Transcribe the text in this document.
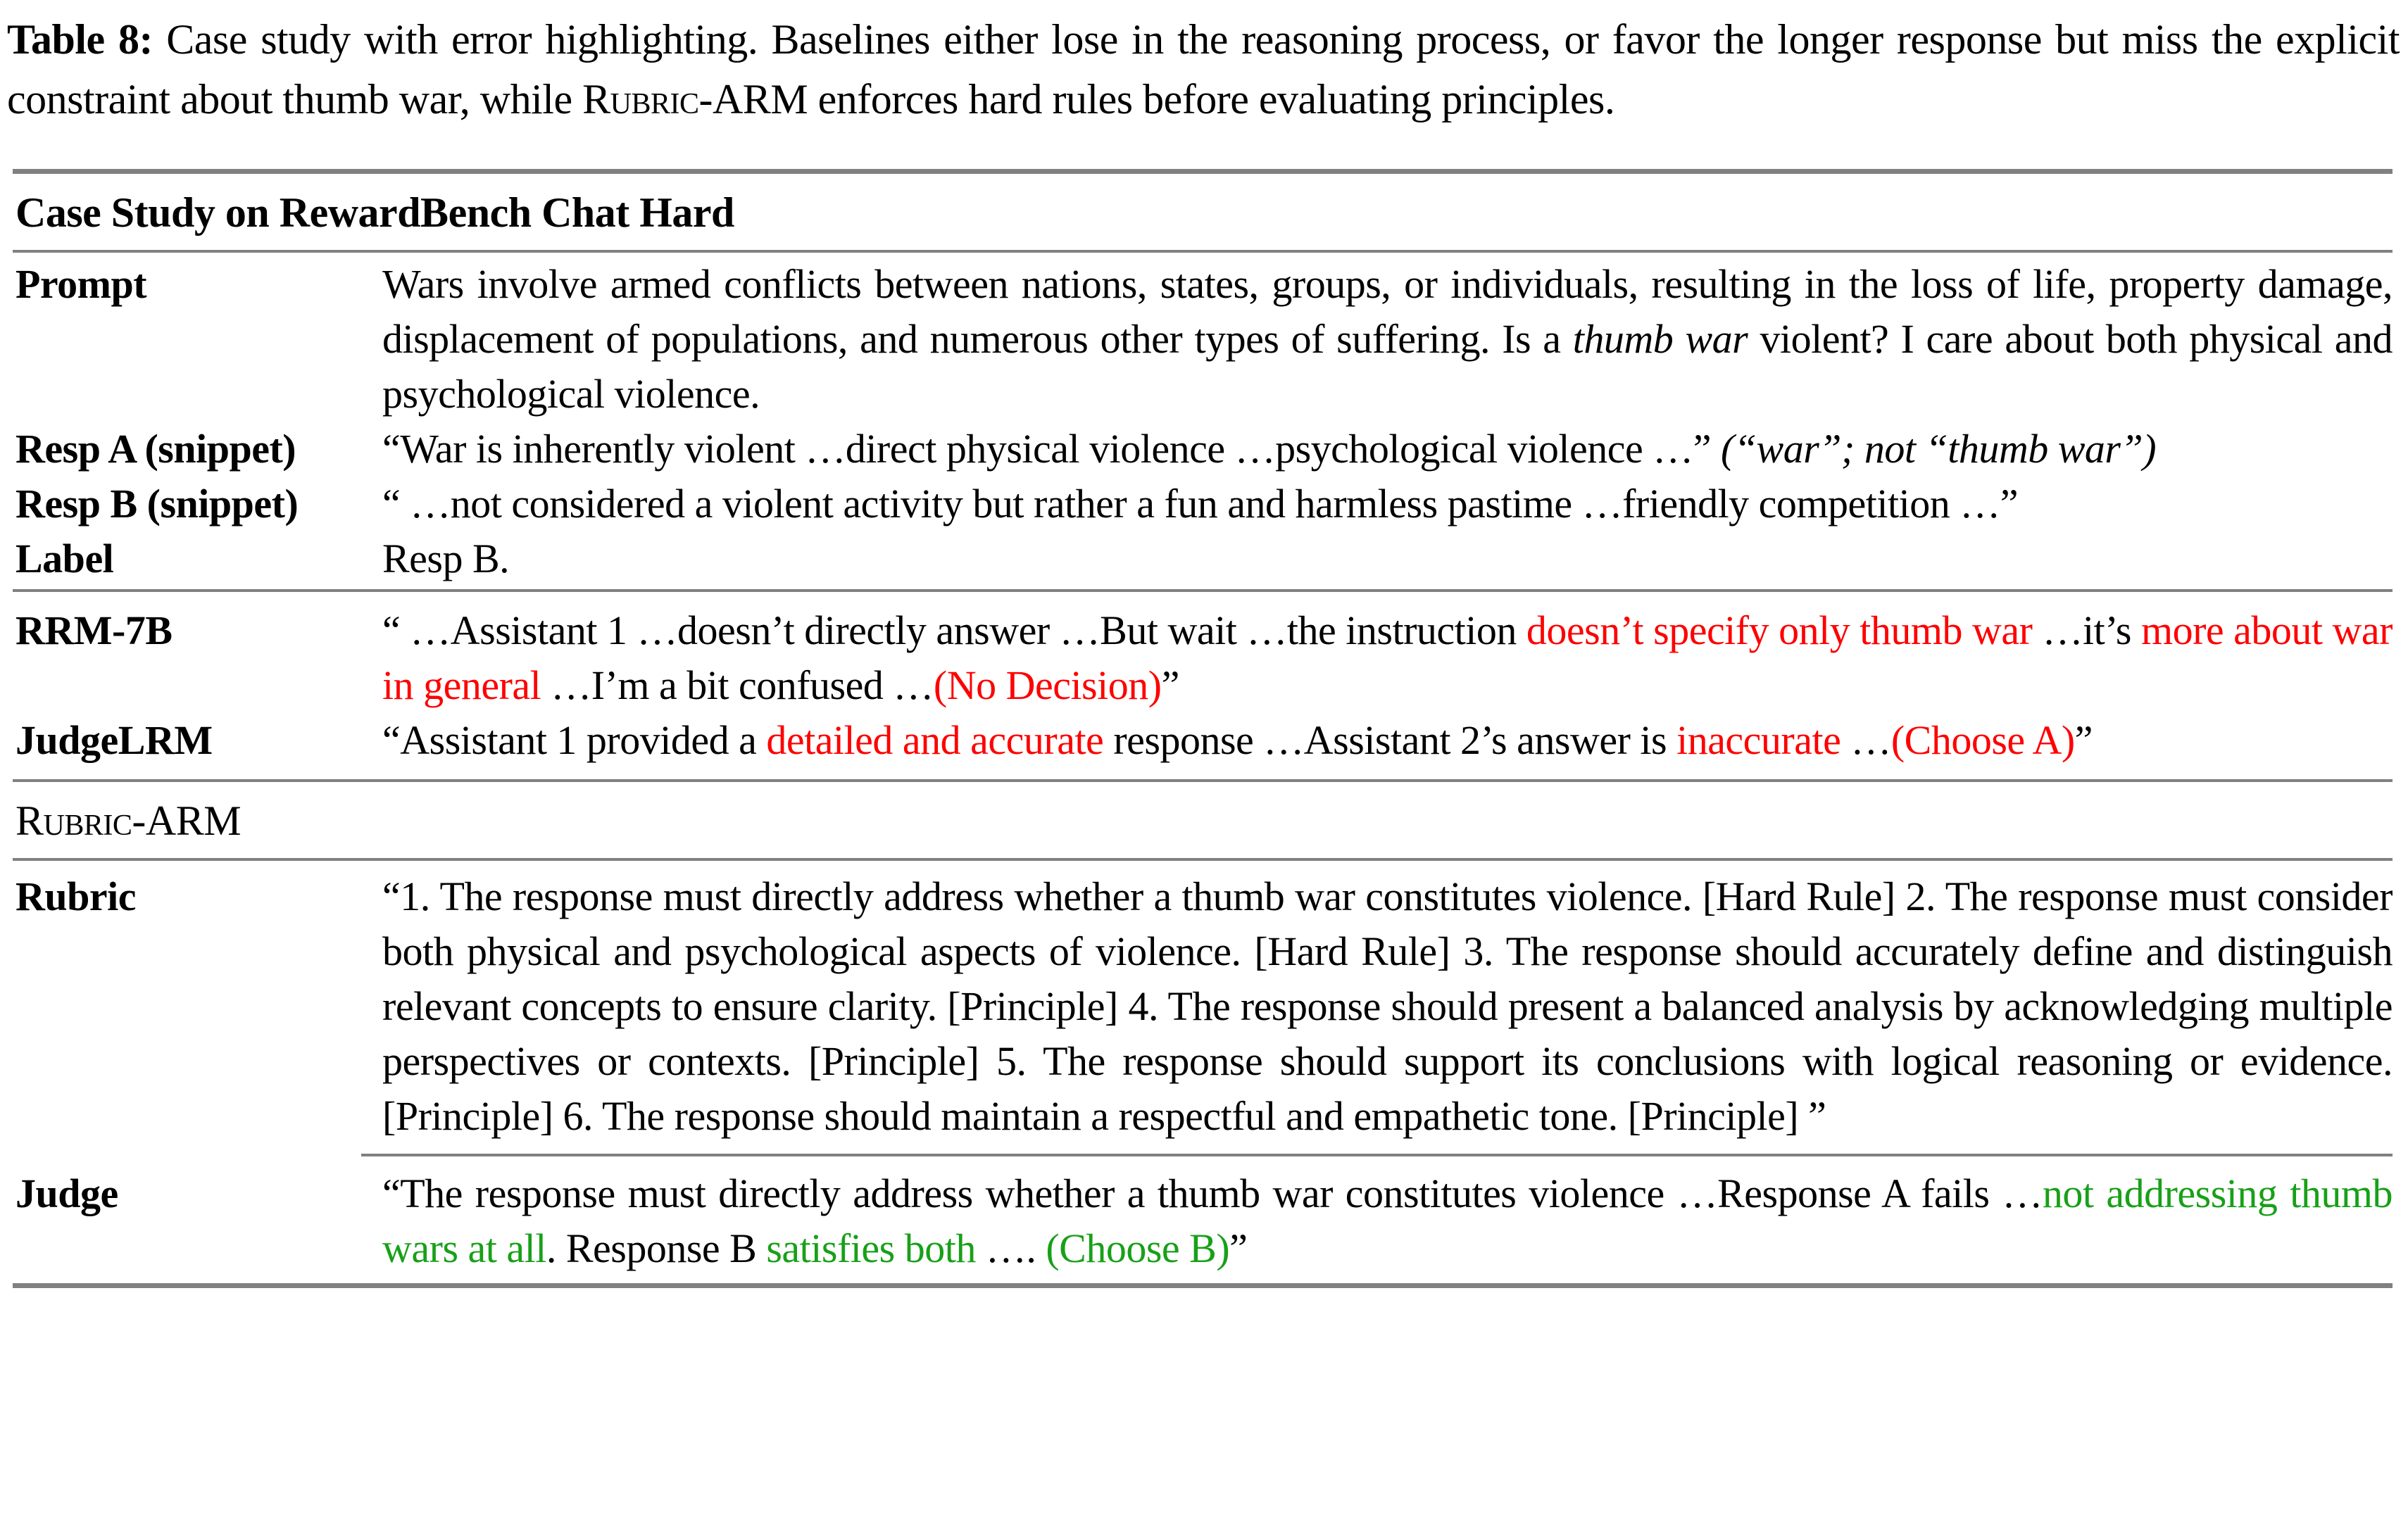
Table 8: Case study with error highlighting. Baselines either lose in the reasoning process, or favor the longer response but miss the explicit constraint about thumb war, while Rubric-ARM enforces hard rules before evaluating principles.

Case Study on RewardBench Chat Hard
Prompt	Wars involve armed conflicts between nations, states, groups, or individuals, resulting in the loss of life, property damage, displacement of populations, and numerous other types of suffering. Is a thumb war violent? I care about both physical and psychological violence.
Resp A (snippet)	“War is inherently violent …direct physical violence …psychological violence …” (“war”; not “thumb war”)
Resp B (snippet)	“ …not considered a violent activity but rather a fun and harmless pastime …friendly competition …”
Label	Resp B.
RRM-7B	“ …Assistant 1 …doesn’t directly answer …But wait …the instruction doesn’t specify only thumb war …it’s more about war in general …I’m a bit confused …(No Decision)”
JudgeLRM	“Assistant 1 provided a detailed and accurate response …Assistant 2’s answer is inaccurate …(Choose A)”
Rubric-ARM
Rubric	“1. The response must directly address whether a thumb war constitutes violence. [Hard Rule] 2. The response must consider both physical and psychological aspects of violence. [Hard Rule] 3. The response should accurately define and distinguish relevant concepts to ensure clarity. [Principle] 4. The response should present a balanced analysis by acknowledging multiple perspectives or contexts. [Principle] 5. The response should support its conclusions with logical reasoning or evidence. [Principle] 6. The response should maintain a respectful and empathetic tone. [Principle] ”
Judge	“The response must directly address whether a thumb war constitutes violence …Response A fails …not addressing thumb wars at all. Response B satisfies both …. (Choose B)”
